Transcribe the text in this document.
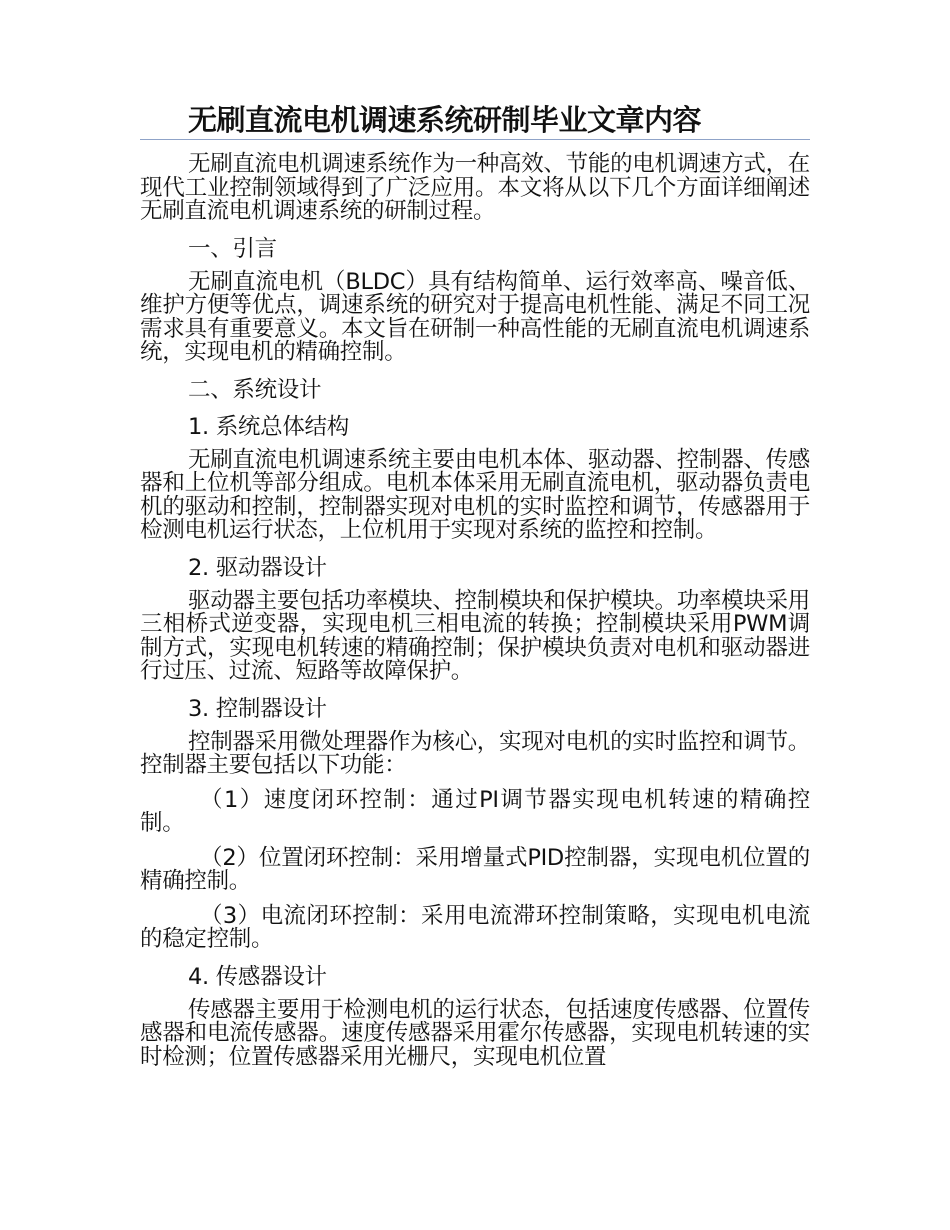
无刷直流电机调速系统研制毕业文章内容

无刷直流电机调速系统作为一种高效、节能的电机调速方式，在现代工业控制领域得到了广泛应用。本文将从以下几个方面详细阐述无刷直流电机调速系统的研制过程。

一、引言

无刷直流电机（BLDC）具有结构简单、运行效率高、噪音低、维护方便等优点，调速系统的研究对于提高电机性能、满足不同工况需求具有重要意义。本文旨在研制一种高性能的无刷直流电机调速系统，实现电机的精确控制。

二、系统设计

1. 系统总体结构

无刷直流电机调速系统主要由电机本体、驱动器、控制器、传感器和上位机等部分组成。电机本体采用无刷直流电机，驱动器负责电机的驱动和控制，控制器实现对电机的实时监控和调节，传感器用于检测电机运行状态，上位机用于实现对系统的监控和控制。

2. 驱动器设计

驱动器主要包括功率模块、控制模块和保护模块。功率模块采用三相桥式逆变器，实现电机三相电流的转换；控制模块采用PWM调制方式，实现电机转速的精确控制；保护模块负责对电机和驱动器进行过压、过流、短路等故障保护。

3. 控制器设计

控制器采用微处理器作为核心，实现对电机的实时监控和调节。控制器主要包括以下功能：

（1）速度闭环控制：通过PI调节器实现电机转速的精确控制。

（2）位置闭环控制：采用增量式PID控制器，实现电机位置的精确控制。

（3）电流闭环控制：采用电流滞环控制策略，实现电机电流的稳定控制。

4. 传感器设计

传感器主要用于检测电机的运行状态，包括速度传感器、位置传感器和电流传感器。速度传感器采用霍尔传感器，实现电机转速的实时检测；位置传感器采用光栅尺，实现电机位置
